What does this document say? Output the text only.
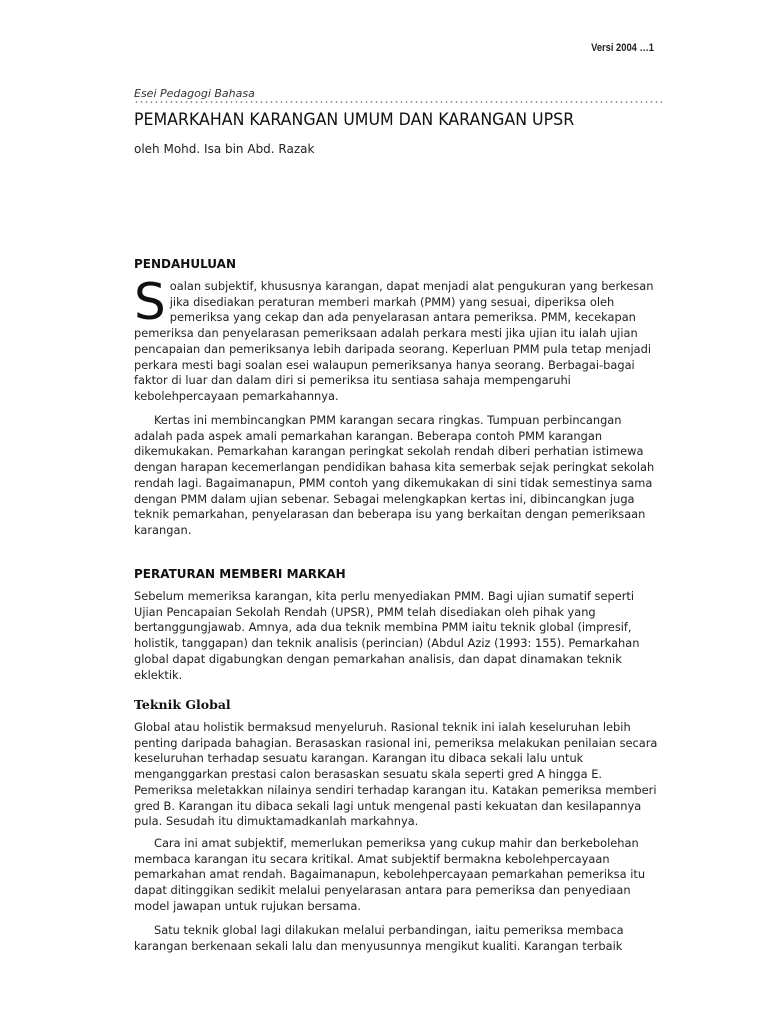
Versi 2004 …1
Esei Pedagogi Bahasa
PEMARKAHAN KARANGAN UMUM DAN KARANGAN UPSR
oleh Mohd. Isa bin Abd. Razak
PENDAHULUAN
S oalan subjektif, khususnya karangan, dapat menjadi alat pengukuran yang berkesan jika disediakan peraturan memberi markah (PMM) yang sesuai, diperiksa oleh pemeriksa yang cekap dan ada penyelarasan antara pemeriksa. PMM, kecekapan pemeriksa dan penyelarasan pemeriksaan adalah perkara mesti jika ujian itu ialah ujian pencapaian dan pemeriksanya lebih daripada seorang. Keperluan PMM pula tetap menjadi perkara mesti bagi soalan esei walaupun pemeriksanya hanya seorang. Berbagai-bagai faktor di luar dan dalam diri si pemeriksa itu sentiasa sahaja mempengaruhi kebolehpercayaan pemarkahannya.
Kertas ini membincangkan PMM karangan secara ringkas. Tumpuan perbincangan adalah pada aspek amali pemarkahan karangan. Beberapa contoh PMM karangan dikemukakan. Pemarkahan karangan peringkat sekolah rendah diberi perhatian istimewa dengan harapan kecemerlangan pendidikan bahasa kita semerbak sejak peringkat sekolah rendah lagi. Bagaimanapun, PMM contoh yang dikemukakan di sini tidak semestinya sama dengan PMM dalam ujian sebenar. Sebagai melengkapkan kertas ini, dibincangkan juga teknik pemarkahan, penyelarasan dan beberapa isu yang berkaitan dengan pemeriksaan karangan.
PERATURAN MEMBERI MARKAH
Sebelum memeriksa karangan, kita perlu menyediakan PMM. Bagi ujian sumatif seperti Ujian Pencapaian Sekolah Rendah (UPSR), PMM telah disediakan oleh pihak yang bertanggungjawab. Amnya, ada dua teknik membina PMM iaitu teknik global (impresif, holistik, tanggapan) dan teknik analisis (perincian) (Abdul Aziz (1993: 155). Pemarkahan global dapat digabungkan dengan pemarkahan analisis, dan dapat dinamakan teknik eklektik.
Teknik Global
Global atau holistik bermaksud menyeluruh. Rasional teknik ini ialah keseluruhan lebih penting daripada bahagian. Berasaskan rasional ini, pemeriksa melakukan penilaian secara keseluruhan terhadap sesuatu karangan. Karangan itu dibaca sekali lalu untuk menganggarkan prestasi calon berasaskan sesuatu skala seperti gred A hingga E. Pemeriksa meletakkan nilainya sendiri terhadap karangan itu. Katakan pemeriksa memberi gred B. Karangan itu dibaca sekali lagi untuk mengenal pasti kekuatan dan kesilapannya pula. Sesudah itu dimuktamadkanlah markahnya.
Cara ini amat subjektif, memerlukan pemeriksa yang cukup mahir dan berkebolehan membaca karangan itu secara kritikal. Amat subjektif bermakna kebolehpercayaan pemarkahan amat rendah. Bagaimanapun, kebolehpercayaan pemarkahan pemeriksa itu dapat ditinggikan sedikit melalui penyelarasan antara para pemeriksa dan penyediaan model jawapan untuk rujukan bersama.
Satu teknik global lagi dilakukan melalui perbandingan, iaitu pemeriksa membaca karangan berkenaan sekali lalu dan menyusunnya mengikut kualiti. Karangan terbaik
